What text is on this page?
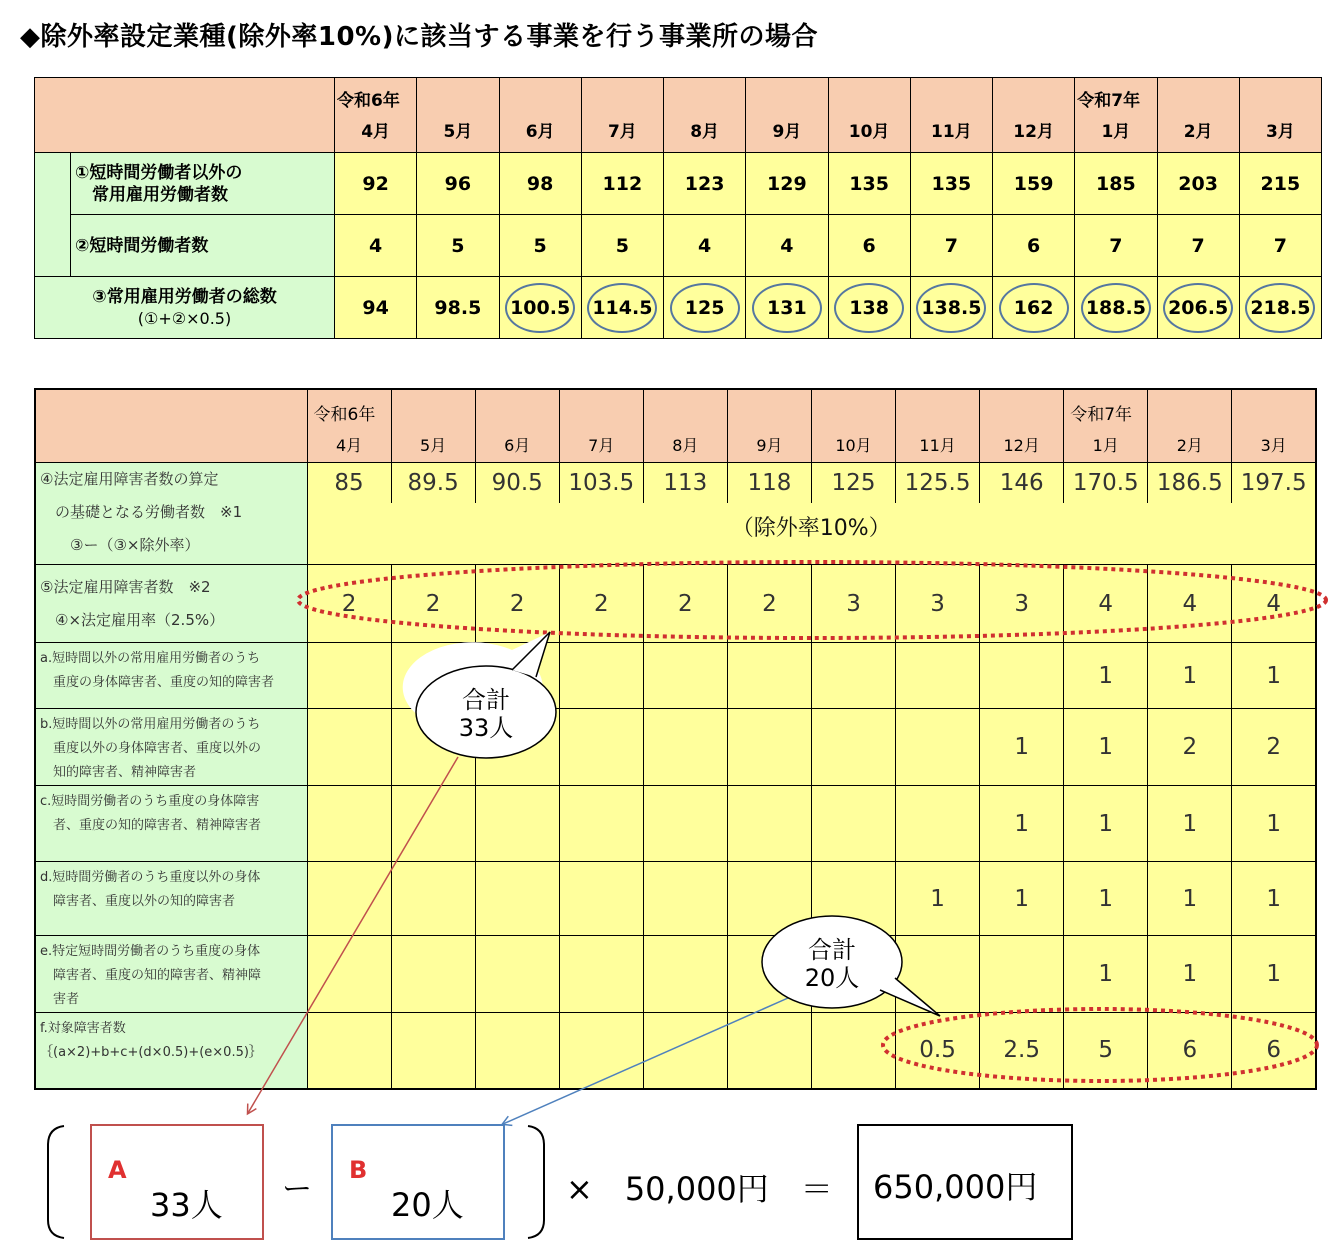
◆除外率設定業種(除外率10%)に該当する事業を行う事業所の場合

		令和6年
4月	5月	6月	7月	8月	9月	10月	11月	12月	令和7年
1月	2月	3月

	①短時間労働者以外の
　常用雇用労働者数	92	96	98	112	123	129	135	135	159	185	203	215

	②短時間労働者数	4	5	5	5	4	4	6	7	6	7	7	7

③常用雇用労働者の総数
(①+②×0.5)		94	98.5	100.5	114.5	125	131	138	138.5	162	188.5	206.5	218.5

	令和6年
4月	5月	6月	7月	8月	9月	10月	11月	12月	令和7年
1月	2月	3月

④法定雇用障害者数の算定
　の基礎となる労働者数　※1
　　③ー（③×除外率）	85	89.5	90.5	103.5	113	118	125	125.5	146	170.5	186.5	197.5
	（除外率10%）											

⑤法定雇用障害者数　※2
　④×法定雇用率（2.5%）	2	2	2	2	2	2	3	3	3	4	4	4

a.短時間以外の常用雇用労働者のうち
　重度の身体障害者、重度の知的障害者										1	1	1

b.短時間以外の常用雇用労働者のうち
　重度以外の身体障害者、重度以外の
　知的障害者、精神障害者									1	1	2	2

c.短時間労働者のうち重度の身体障害
　者、重度の知的障害者、精神障害者									1	1	1	1

d.短時間労働者のうち重度以外の身体
　障害者、重度以外の知的障害者								1	1	1	1	1

e.特定短時間労働者のうち重度の身体
　障害者、重度の知的障害者、精神障
　害者										1	1	1

f.対象障害者数
｛(a×2)+b+c+(d×0.5)+(e×0.5)｝								0.5	2.5	5	6	6
合計
33人
合計
20人
A
33人 ー
B
20人	×　50,000円　＝ 650,000円
